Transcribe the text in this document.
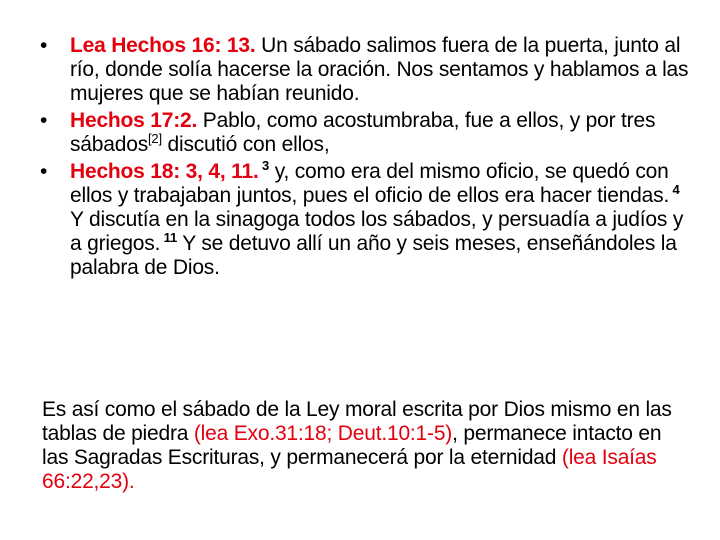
•	Lea Hechos 16: 13. Un sábado salimos fuera de la puerta, junto al río, donde solía hacerse la oración. Nos sentamos y hablamos a las mujeres que se habían reunido.
•	Hechos 17:2. Pablo, como acostumbraba, fue a ellos, y por tres sábados[2] discutió con ellos,
•	Hechos 18: 3, 4, 11. $^3$ y, como era del mismo oficio, se quedó con ellos y trabajaban juntos, pues el oficio de ellos era hacer tiendas. $^4$ Y discutía en la sinagoga todos los sábados, y persuadía a judíos y a griegos. $^{11}$ Y se detuvo allí un año y seis meses, enseñándoles la palabra de Dios.

Es así como el sábado de la Ley moral escrita por Dios mismo en las tablas de piedra (lea Exo.31:18; Deut.10:1-5), permanece intacto en las Sagradas Escrituras, y permanecerá por la eternidad (lea Isaías 66:22,23).
